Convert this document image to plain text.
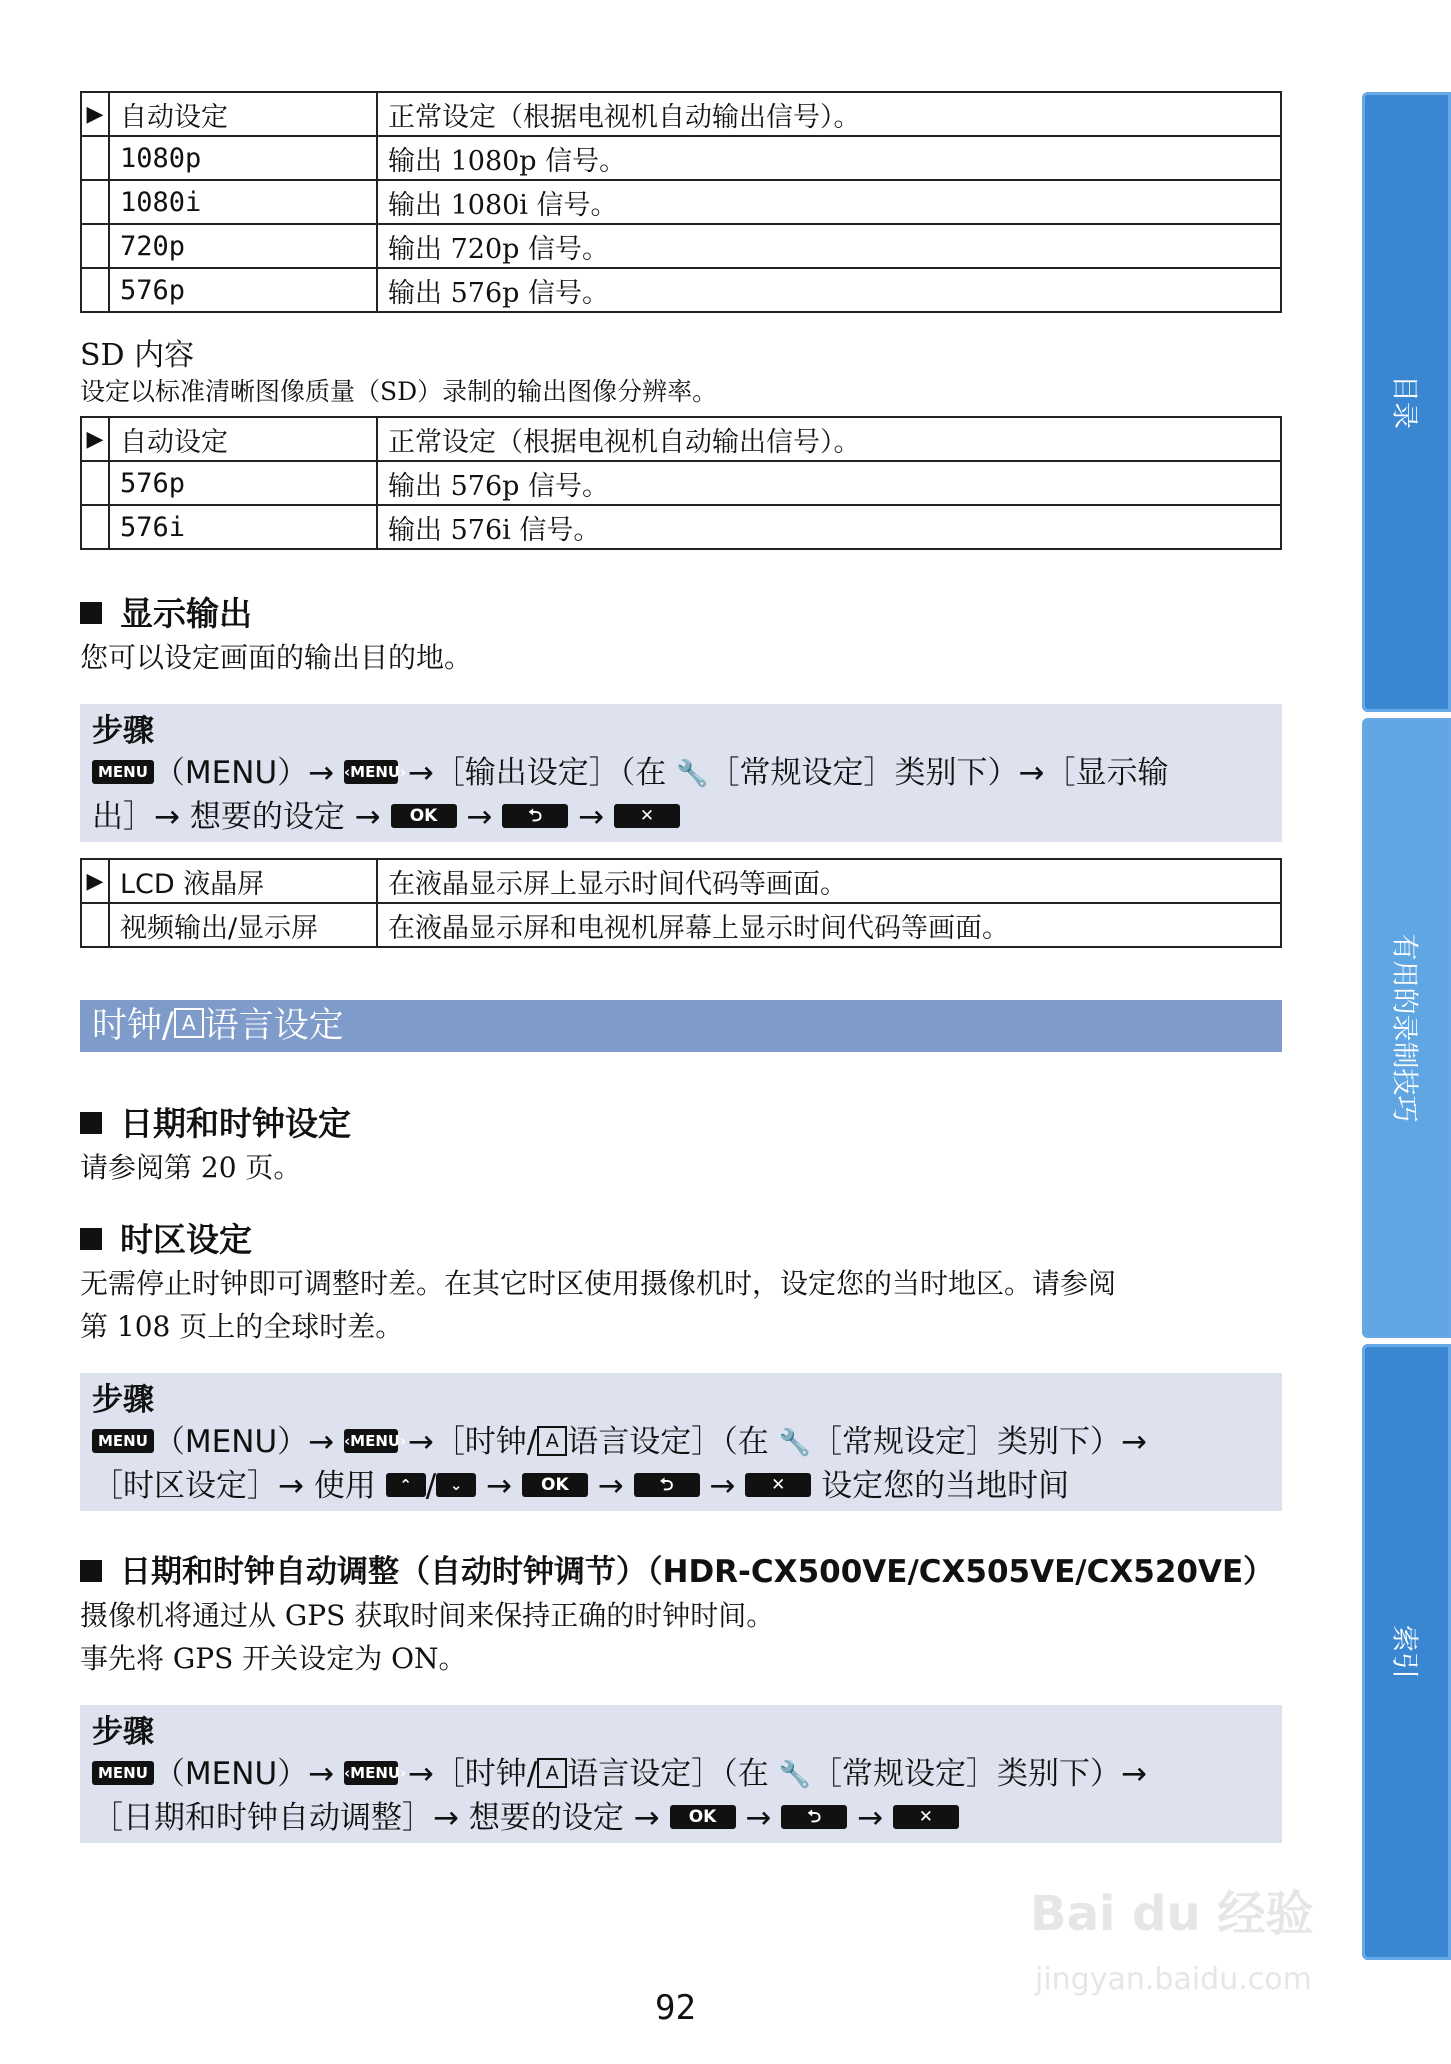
目录
有用的录制技巧
索引
▶	自动设定	正常设定（根据电视机自动输出信号）。
	1080p	输出 1080p 信号。
	1080i	输出 1080i 信号。
	720p	输出 720p 信号。
	576p	输出 576p 信号。
SD 内容
设定以标准清晰图像质量（SD）录制的输出图像分辨率。
▶	自动设定	正常设定（根据电视机自动输出信号）。
	576p	输出 576p 信号。
	576i	输出 576i 信号。
显示输出
您可以设定画面的输出目的地。
步骤
MENU （MENU）→ ‹MENU› →［输出设定］（在 🔧［常规设定］类别下）→［显示输
出］→ 想要的设定 → OK → ⮌ → ✕
▶	LCD 液晶屏	在液晶显示屏上显示时间代码等画面。
	视频输出/显示屏	在液晶显示屏和电视机屏幕上显示时间代码等画面。
时钟/ A 语言设定
日期和时钟设定
请参阅第 20 页。
时区设定
无需停止时钟即可调整时差。在其它时区使用摄像机时，设定您的当时地区。请参阅
第 108 页上的全球时差。
步骤
MENU （MENU）→ ‹MENU› →［时钟/ A 语言设定］（在 🔧［常规设定］类别下）→
［时区设定］→ 使用 ⌃ / ⌄ → OK → ⮌ → ✕ 设定您的当地时间
日期和时钟自动调整（自动时钟调节）（HDR-CX500VE/CX505VE/CX520VE）
摄像机将通过从 GPS 获取时间来保持正确的时钟时间。
事先将 GPS 开关设定为 ON。
步骤
MENU （MENU）→ ‹MENU› →［时钟/ A 语言设定］（在 🔧［常规设定］类别下）→
［日期和时钟自动调整］→ 想要的设定 → OK → ⮌ → ✕
Bai du 经验
jingyan.baidu.com
92
